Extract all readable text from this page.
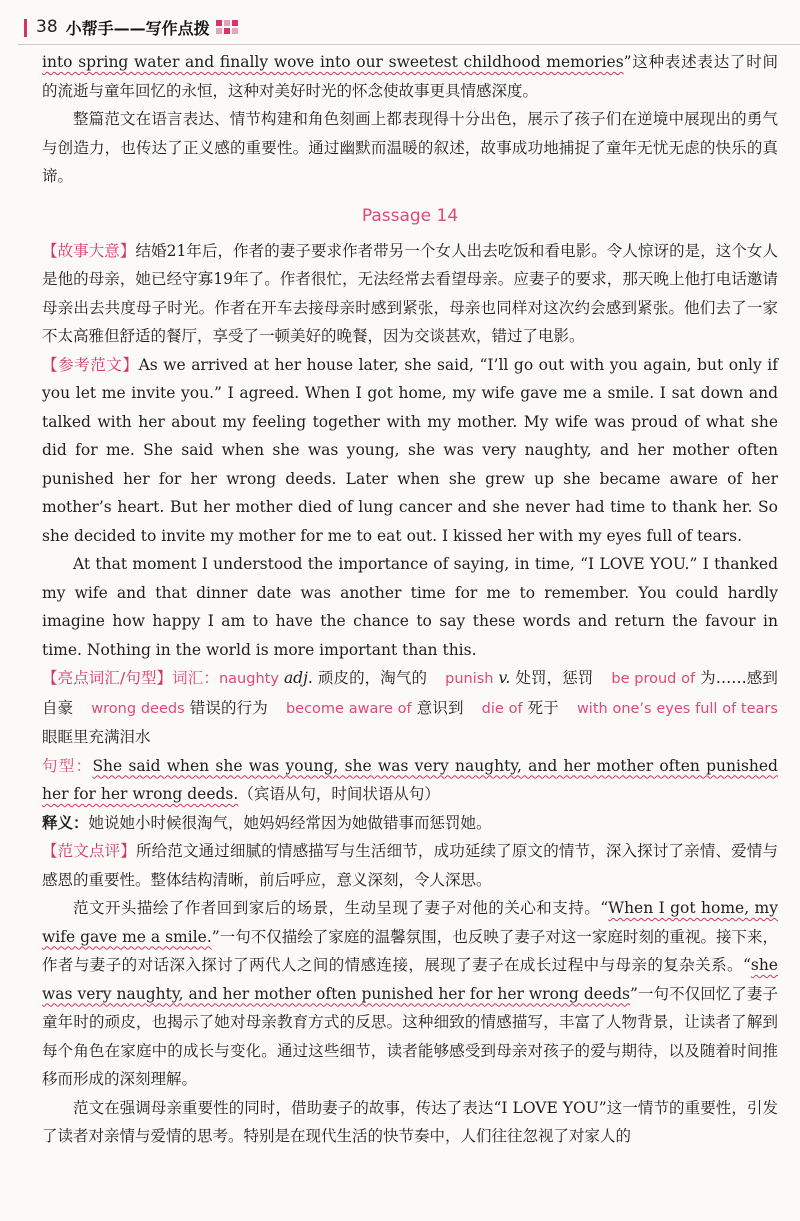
38 小帮手——写作点拨

into spring water and finally wove into our sweetest childhood memories”这种表述表达了时间的流逝与童年回忆的永恒，这种对美好时光的怀念使故事更具情感深度。

整篇范文在语言表达、情节构建和角色刻画上都表现得十分出色，展示了孩子们在逆境中展现出的勇气与创造力，也传达了正义感的重要性。通过幽默而温暖的叙述，故事成功地捕捉了童年无忧无虑的快乐的真谛。

Passage 14

【故事大意】结婚21年后，作者的妻子要求作者带另一个女人出去吃饭和看电影。令人惊讶的是，这个女人是他的母亲，她已经守寡19年了。作者很忙，无法经常去看望母亲。应妻子的要求，那天晚上他打电话邀请母亲出去共度母子时光。作者在开车去接母亲时感到紧张，母亲也同样对这次约会感到紧张。他们去了一家不太高雅但舒适的餐厅，享受了一顿美好的晚餐，因为交谈甚欢，错过了电影。

【参考范文】As we arrived at her house later, she said, “I’ll go out with you again, but only if you let me invite you.” I agreed. When I got home, my wife gave me a smile. I sat down and talked with her about my feeling together with my mother. My wife was proud of what she did for me. She said when she was young, she was very naughty, and her mother often punished her for her wrong deeds. Later when she grew up she became aware of her mother’s heart. But her mother died of lung cancer and she never had time to thank her. So she decided to invite my mother for me to eat out. I kissed her with my eyes full of tears.

At that moment I understood the importance of saying, in time, “I LOVE YOU.” I thanked my wife and that dinner date was another time for me to remember. You could hardly imagine how happy I am to have the chance to say these words and return the favour in time. Nothing in the world is more important than this.

【亮点词汇/句型】词汇：naughty adj. 顽皮的，淘气的 punish v. 处罚，惩罚 be proud of 为……感到自豪 wrong deeds 错误的行为 become aware of 意识到 die of 死于 with one’s eyes full of tears 眼眶里充满泪水

句型：She said when she was young, she was very naughty, and her mother often punished her for her wrong deeds.（宾语从句，时间状语从句）

释义：她说她小时候很淘气，她妈妈经常因为她做错事而惩罚她。

【范文点评】所给范文通过细腻的情感描写与生活细节，成功延续了原文的情节，深入探讨了亲情、爱情与感恩的重要性。整体结构清晰，前后呼应，意义深刻，令人深思。

范文开头描绘了作者回到家后的场景，生动呈现了妻子对他的关心和支持。“When I got home, my wife gave me a smile.”一句不仅描绘了家庭的温馨氛围，也反映了妻子对这一家庭时刻的重视。接下来，作者与妻子的对话深入探讨了两代人之间的情感连接，展现了妻子在成长过程中与母亲的复杂关系。“she was very naughty, and her mother often punished her for her wrong deeds”一句不仅回忆了妻子童年时的顽皮，也揭示了她对母亲教育方式的反思。这种细致的情感描写，丰富了人物背景，让读者了解到每个角色在家庭中的成长与变化。通过这些细节，读者能够感受到母亲对孩子的爱与期待，以及随着时间推移而形成的深刻理解。

范文在强调母亲重要性的同时，借助妻子的故事，传达了表达“I LOVE YOU”这一情节的重要性，引发了读者对亲情与爱情的思考。特别是在现代生活的快节奏中，人们往往忽视了对家人的
